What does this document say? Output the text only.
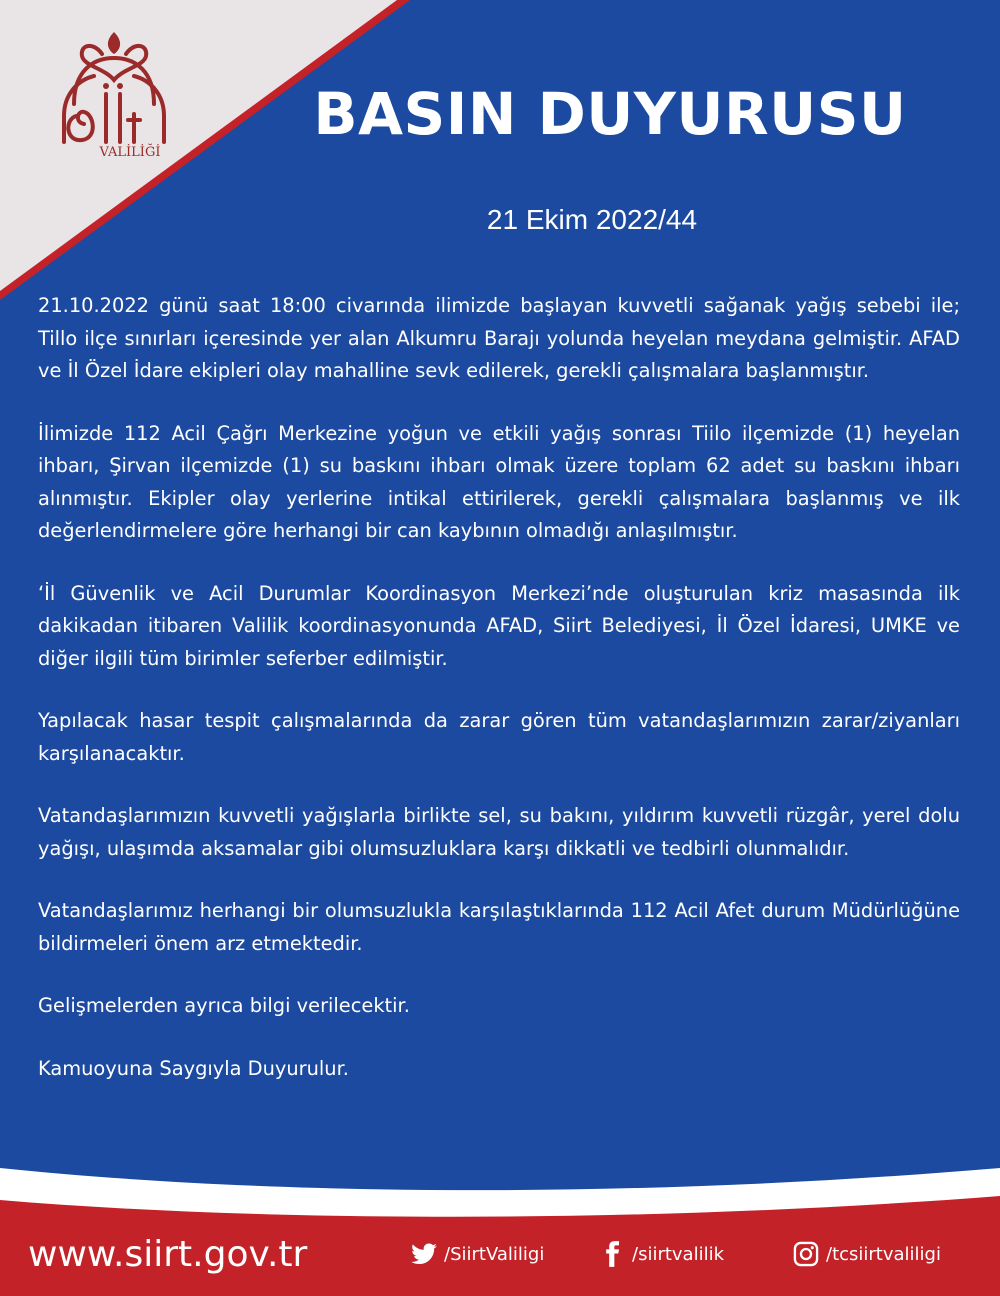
VALİLİĞİ
BASIN DUYURUSU
21 Ekim 2022/44

21.10.2022 günü saat 18:00 civarında ilimizde başlayan kuvvetli sağanak yağış sebebi ile; Tillo ilçe sınırları içeresinde yer alan Alkumru Barajı yolunda heyelan meydana gelmiştir. AFAD ve İl Özel İdare ekipleri olay mahalline sevk edilerek, gerekli çalışmalara başlanmıştır.

İlimizde 112 Acil Çağrı Merkezine yoğun ve etkili yağış sonrası Tiilo ilçemizde (1) heyelan ihbarı, Şirvan ilçemizde (1) su baskını ihbarı olmak üzere toplam 62 adet su baskını ihbarı alınmıştır. Ekipler olay yerlerine intikal ettirilerek, gerekli çalışmalara başlanmış ve ilk değerlendirmelere göre herhangi bir can kaybının olmadığı anlaşılmıştır.

‘İl Güvenlik ve Acil Durumlar Koordinasyon Merkezi’nde oluşturulan kriz masasında ilk dakikadan itibaren Valilik koordinasyonunda AFAD, Siirt Belediyesi, İl Özel İdaresi, UMKE ve diğer ilgili tüm birimler seferber edilmiştir.

Yapılacak hasar tespit çalışmalarında da zarar gören tüm vatandaşlarımızın zarar/ziyanları karşılanacaktır.

Vatandaşlarımızın kuvvetli yağışlarla birlikte sel, su bakını, yıldırım kuvvetli rüzgâr, yerel dolu yağışı, ulaşımda aksamalar gibi olumsuzluklara karşı dikkatli ve tedbirli olunmalıdır.

Vatandaşlarımız herhangi bir olumsuzlukla karşılaştıklarında 112 Acil Afet durum Müdürlüğüne bildirmeleri önem arz etmektedir.

Gelişmelerden ayrıca bilgi verilecektir.

Kamuoyuna Saygıyla Duyurulur.

www.siirt.gov.tr	/SiirtValiligi	/siirtvalilik	/tcsiirtvaliligi
